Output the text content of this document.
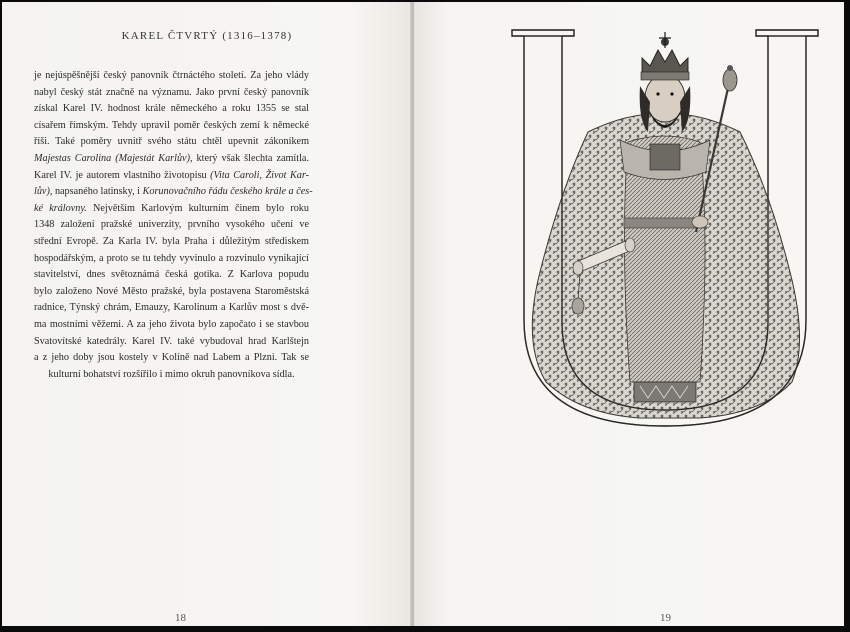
KAREL ČTVRTÝ (1316–1378)
je nejúspěšnější český panovník čtrnáctého století. Za jeho vlády
nabyl český stát značně na významu. Jako první český panovník
získal Karel IV. hodnost krále německého a roku 1355 se stal
císařem římským. Tehdy upravil poměr českých zemí k německé
říši. Také poměry uvnitř svého státu chtěl upevnit zákoníkem
Majestas Carolina (Majestát Karlův), který však šlechta zamítla.
Karel IV. je autorem vlastního životopisu (Vita Caroli, Život Kar-
lův), napsaného latinsky, i Korunovačního řádu českého krále a čes-
ké královny. Největším Karlovým kulturním činem bylo roku
1348 založení pražské univerzity, prvního vysokého učení ve
střední Evropě. Za Karla IV. byla Praha i důležitým střediskem
hospodářským, a proto se tu tehdy vyvinulo a rozvinulo vynikající
stavitelství, dnes světoznámá česká gotika. Z Karlova popudu
bylo založeno Nové Město pražské, byla postavena Staroměstská
radnice, Týnský chrám, Emauzy, Karolinum a Karlův most s dvě-
ma mostními věžemi. A za jeho života bylo započato i se stavbou
Svatovítské katedrály. Karel IV. také vybudoval hrad Karlštejn
a z jeho doby jsou kostely v Kolíně nad Labem a Plzni. Tak se
kulturní bohatství rozšířilo i mimo okruh panovníkova sídla.
18	19
